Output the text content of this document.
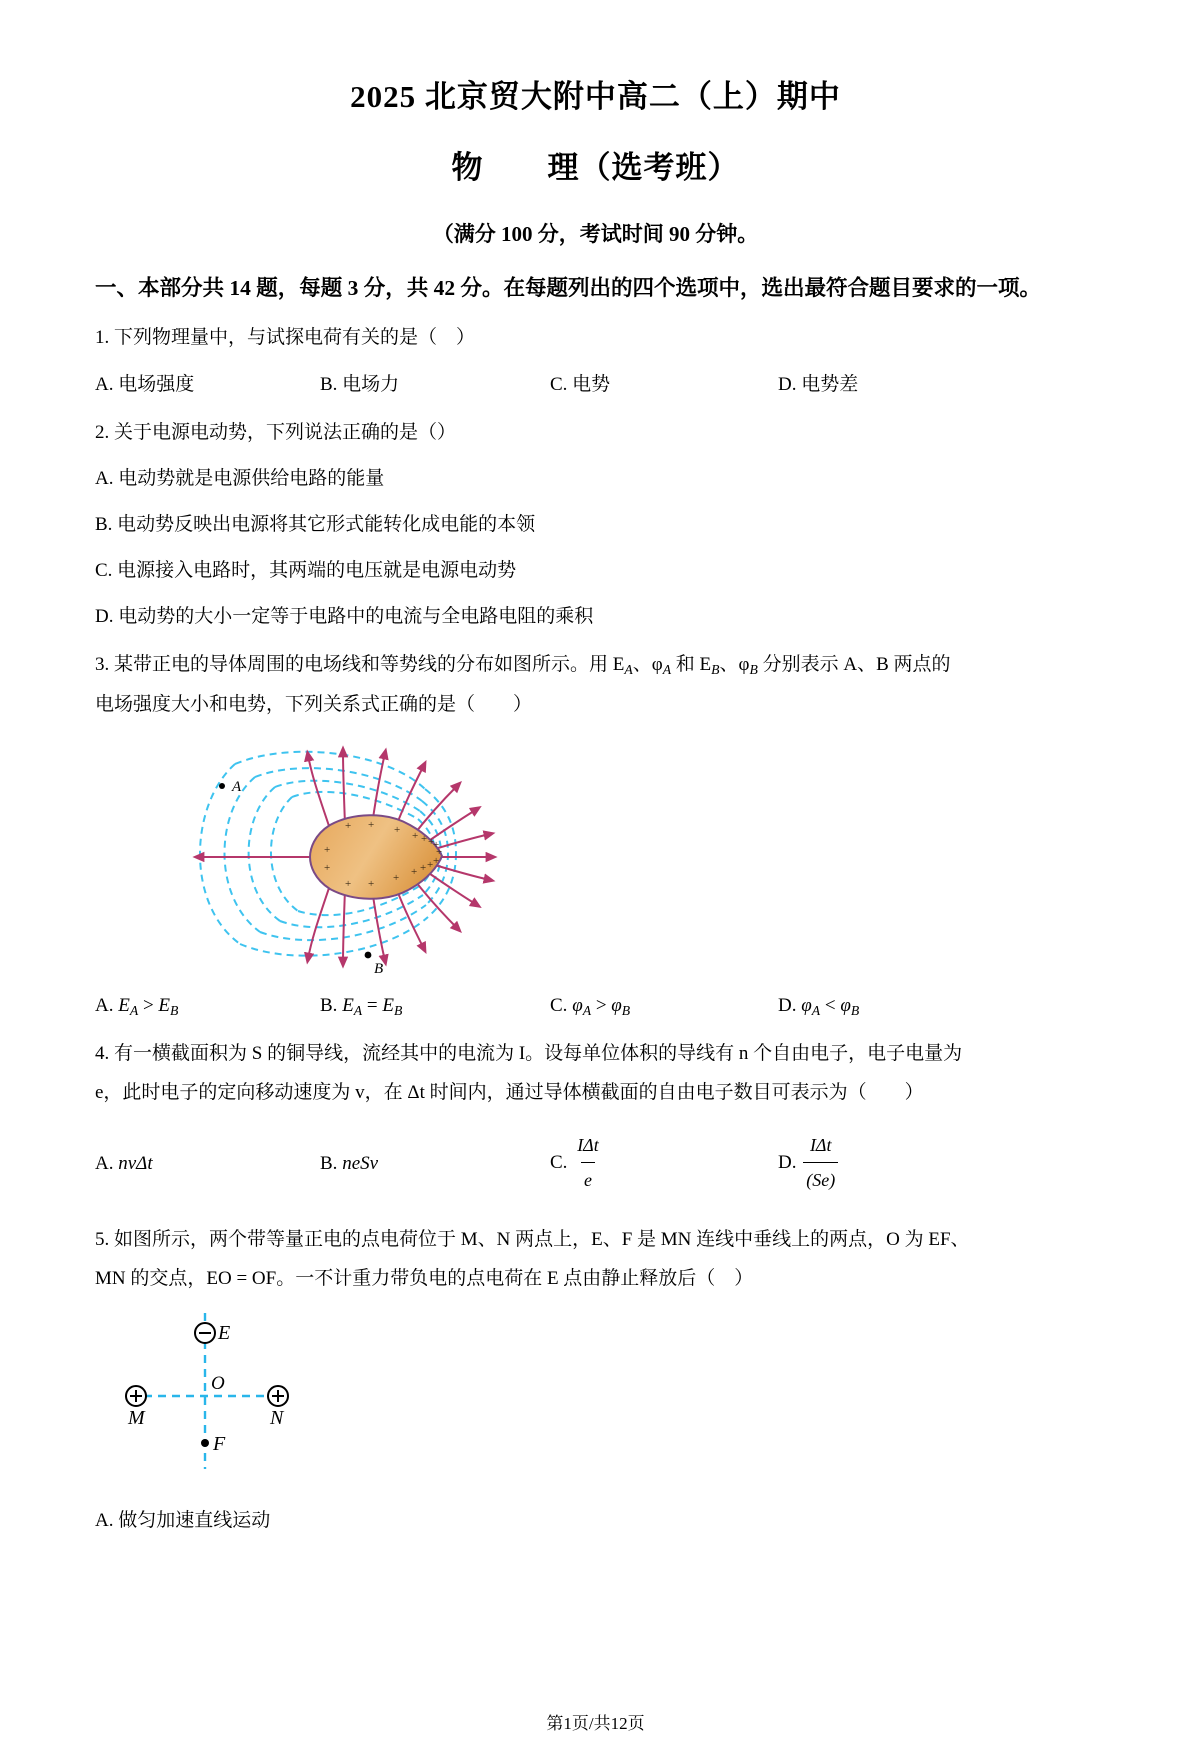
2025 北京贸大附中高二（上）期中
物　　理（选考班）
（满分 100 分，考试时间 90 分钟。
一、本部分共 14 题，每题 3 分，共 42 分。在每题列出的四个选项中，选出最符合题目要求的一项。
1. 下列物理量中，与试探电荷有关的是（　）
A. 电场强度	B. 电场力	C. 电势	D. 电势差
2. 关于电源电动势，下列说法正确的是（）
A. 电动势就是电源供给电路的能量
B. 电动势反映出电源将其它形式能转化成电能的本领
C. 电源接入电路时，其两端的电压就是电源电动势
D. 电动势的大小一定等于电路中的电流与全电路电阻的乘积
3. 某带正电的导体周围的电场线和等势线的分布如图所示。用 $E_A$、$\varphi_A$ 和 $E_B$、$\varphi_B$ 分别表示 A、B 两点的
电场强度大小和电势，下列关系式正确的是（　　）
+ + + + + +
+
+	+
+
+
+
+
+
+
+
+
A
B
A. $E_A > E_B$	B. $E_A = E_B$	C. $\varphi_A > \varphi_B$	D. $\varphi_A < \varphi_B$
4. 有一横截面积为 S 的铜导线，流经其中的电流为 I。设每单位体积的导线有 n 个自由电子，电子电量为
e，此时电子的定向移动速度为 v，在 Δt 时间内，通过导体横截面的自由电子数目可表示为（　　）
A. nvΔt	B. neSv	C. $\frac{\text{IΔt}}{e}$	D. $\frac{\text{IΔt}}{(Se)}$
5. 如图所示，两个带等量正电的点电荷位于 M、N 两点上，E、F 是 MN 连线中垂线上的两点，O 为 EF、
MN 的交点，EO = OF。一不计重力带负电的点电荷在 E 点由静止释放后（　）
E
O
M	N
F
A. 做匀加速直线运动
第1页/共12页
